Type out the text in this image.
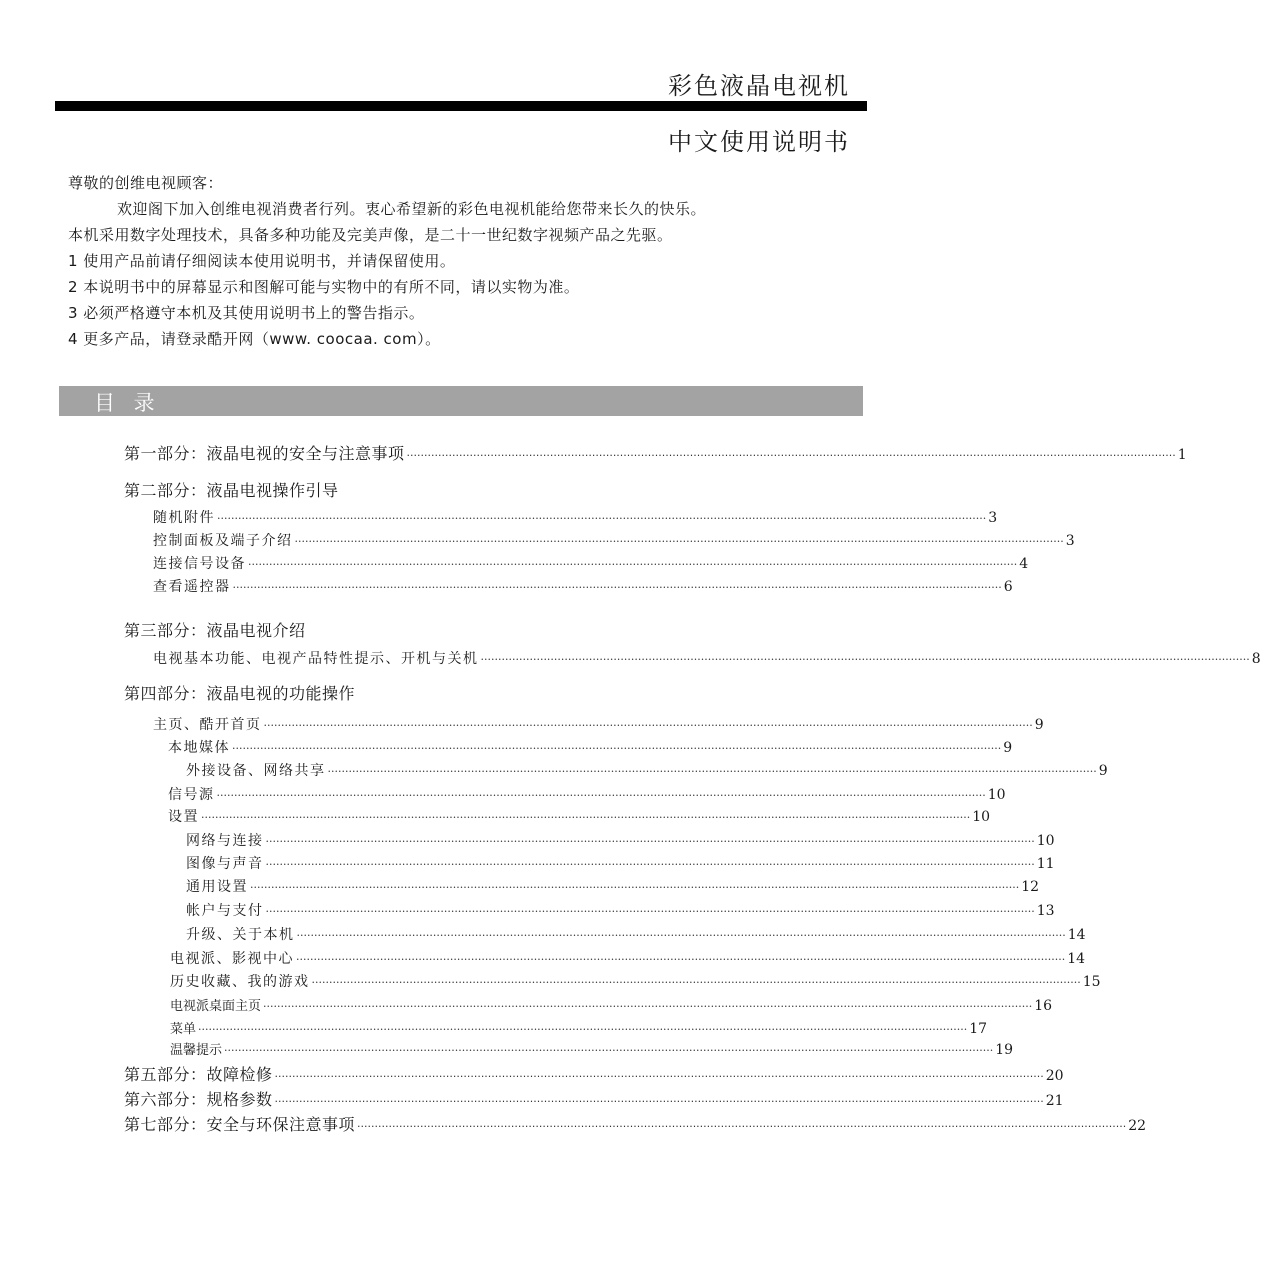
彩色液晶电视机
中文使用说明书
尊敬的创维电视顾客：
欢迎阁下加入创维电视消费者行列。衷心希望新的彩色电视机能给您带来长久的快乐。
本机采用数字处理技术，具备多种功能及完美声像，是二十一世纪数字视频产品之先驱。
1 使用产品前请仔细阅读本使用说明书，并请保留使用。
2 本说明书中的屏幕显示和图解可能与实物中的有所不同，请以实物为准。
3 必须严格遵守本机及其使用说明书上的警告指示。
4 更多产品，请登录酷开网（www. coocaa. com）。
目 录
第一部分：液晶电视的安全与注意事项 ···························································································································································································································· 1
第二部分：液晶电视操作引导
随机附件 ···························································································································································································································· 3
控制面板及端子介绍 ···························································································································································································································· 3
连接信号设备 ···························································································································································································································· 4
查看遥控器 ···························································································································································································································· 6
第三部分：液晶电视介绍
电视基本功能、电视产品特性提示、开机与关机 ···························································································································································································································· 8
第四部分：液晶电视的功能操作
主页、酷开首页 ···························································································································································································································· 9
本地媒体 ···························································································································································································································· 9
外接设备、网络共享 ···························································································································································································································· 9
信号源 ···························································································································································································································· 10
设置 ···························································································································································································································· 10
网络与连接 ···························································································································································································································· 10
图像与声音 ···························································································································································································································· 11
通用设置 ···························································································································································································································· 12
帐户与支付 ···························································································································································································································· 13
升级、关于本机 ···························································································································································································································· 14
电视派、影视中心 ···························································································································································································································· 14
历史收藏、我的游戏 ···························································································································································································································· 15
电视派桌面主页 ···························································································································································································································· 16
菜单 ···························································································································································································································· 17
温馨提示 ···························································································································································································································· 19
第五部分：故障检修 ···························································································································································································································· 20
第六部分：规格参数 ···························································································································································································································· 21
第七部分：安全与环保注意事项 ···························································································································································································································· 22
